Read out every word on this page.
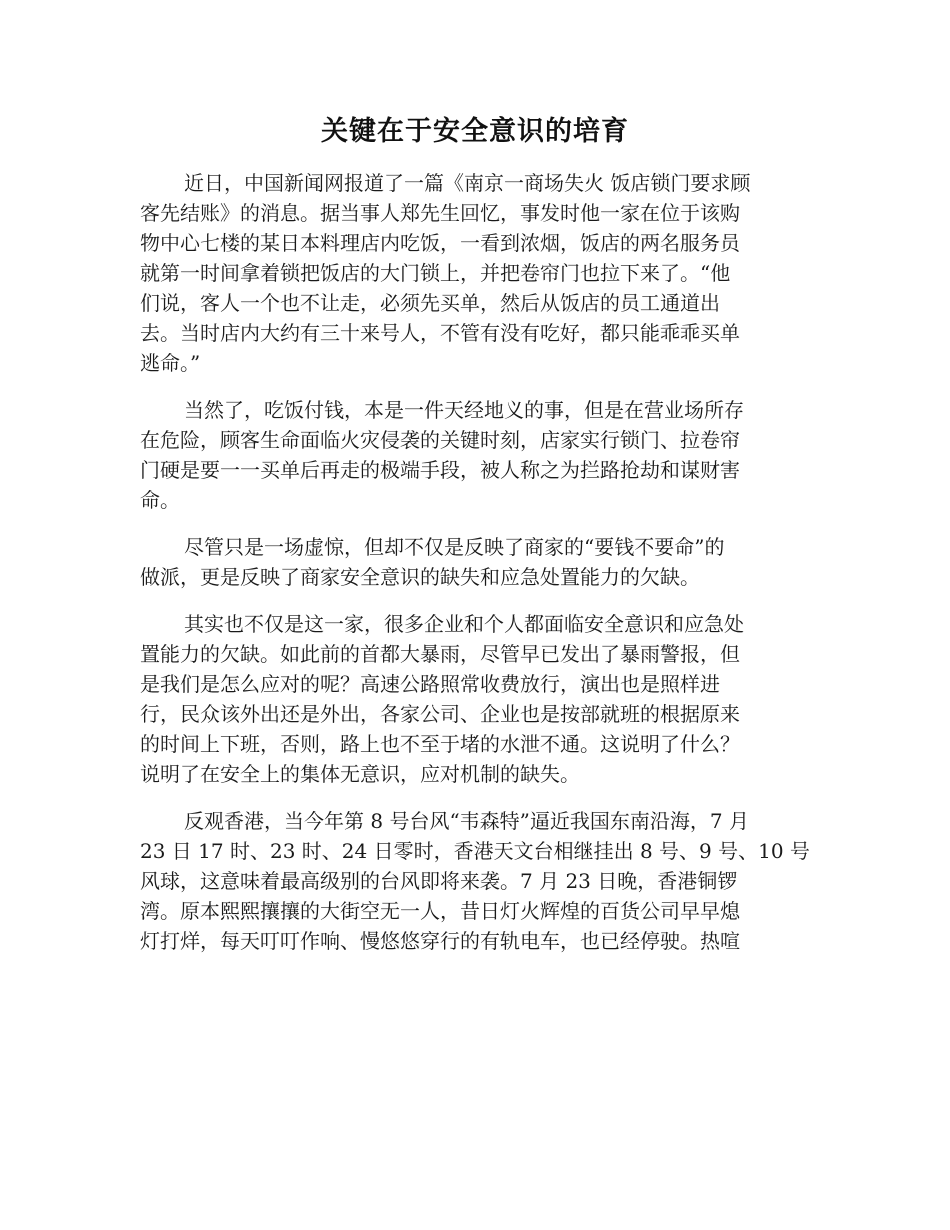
关键在于安全意识的培育

近日，中国新闻网报道了一篇《南京一商场失火 饭店锁门要求顾
客先结账》的消息。据当事人郑先生回忆，事发时他一家在位于该购
物中心七楼的某日本料理店内吃饭，一看到浓烟，饭店的两名服务员
就第一时间拿着锁把饭店的大门锁上，并把卷帘门也拉下来了。“他
们说，客人一个也不让走，必须先买单，然后从饭店的员工通道出
去。当时店内大约有三十来号人，不管有没有吃好，都只能乖乖买单
逃命。”

当然了，吃饭付钱，本是一件天经地义的事，但是在营业场所存
在危险，顾客生命面临火灾侵袭的关键时刻，店家实行锁门、拉卷帘
门硬是要一一买单后再走的极端手段，被人称之为拦路抢劫和谋财害
命。

尽管只是一场虚惊，但却不仅是反映了商家的“要钱不要命”的
做派，更是反映了商家安全意识的缺失和应急处置能力的欠缺。

其实也不仅是这一家，很多企业和个人都面临安全意识和应急处
置能力的欠缺。如此前的首都大暴雨，尽管早已发出了暴雨警报，但
是我们是怎么应对的呢？高速公路照常收费放行，演出也是照样进
行，民众该外出还是外出，各家公司、企业也是按部就班的根据原来
的时间上下班，否则，路上也不至于堵的水泄不通。这说明了什么？
说明了在安全上的集体无意识，应对机制的缺失。

反观香港，当今年第 8 号台风“韦森特”逼近我国东南沿海，7 月
23 日 17 时、23 时、24 日零时，香港天文台相继挂出 8 号、9 号、10 号
风球，这意味着最高级别的台风即将来袭。7 月 23 日晚，香港铜锣
湾。原本熙熙攘攘的大街空无一人，昔日灯火辉煌的百货公司早早熄
灯打烊，每天叮叮作响、慢悠悠穿行的有轨电车，也已经停驶。热喧
